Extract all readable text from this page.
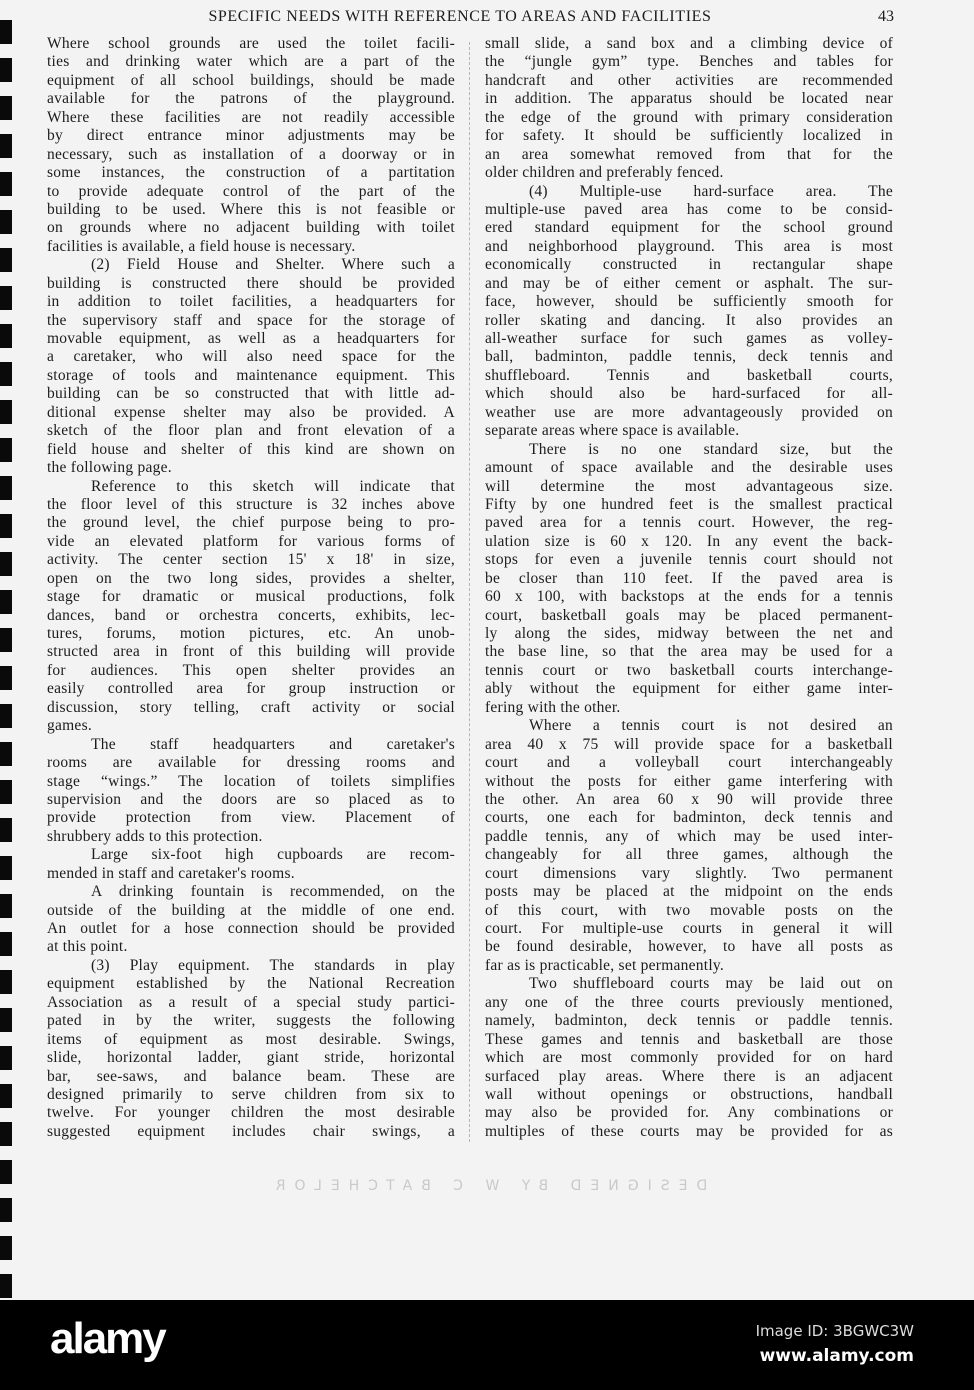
SPECIFIC NEEDS WITH REFERENCE TO AREAS AND FACILITIES	43
Where school grounds are used the toilet facili-
ties and drinking water which are a part of the
equipment of all school buildings, should be made
available for the patrons of the playground.
Where these facilities are not readily accessible
by direct entrance minor adjustments may be
necessary, such as installation of a doorway or in
some instances, the construction of a partitation
to provide adequate control of the part of the
building to be used. Where this is not feasible or
on grounds where no adjacent building with toilet
facilities is available, a field house is necessary.
(2) Field House and Shelter. Where such a
building is constructed there should be provided
in addition to toilet facilities, a headquarters for
the supervisory staff and space for the storage of
movable equipment, as well as a headquarters for
a caretaker, who will also need space for the
storage of tools and maintenance equipment. This
building can be so constructed that with little ad-
ditional expense shelter may also be provided. A
sketch of the floor plan and front elevation of a
field house and shelter of this kind are shown on
the following page.
Reference to this sketch will indicate that
the floor level of this structure is 32 inches above
the ground level, the chief purpose being to pro-
vide an elevated platform for various forms of
activity. The center section 15' x 18' in size,
open on the two long sides, provides a shelter,
stage for dramatic or musical productions, folk
dances, band or orchestra concerts, exhibits, lec-
tures, forums, motion pictures, etc. An unob-
structed area in front of this building will provide
for audiences. This open shelter provides an
easily controlled area for group instruction or
discussion, story telling, craft activity or social
games.
The staff headquarters and caretaker's
rooms are available for dressing rooms and
stage “wings.” The location of toilets simplifies
supervision and the doors are so placed as to
provide protection from view. Placement of
shrubbery adds to this protection.
Large six-foot high cupboards are recom-
mended in staff and caretaker's rooms.
A drinking fountain is recommended, on the
outside of the building at the middle of one end.
An outlet for a hose connection should be provided
at this point.
(3) Play equipment. The standards in play
equipment established by the National Recreation
Association as a result of a special study partici-
pated in by the writer, suggests the following
items of equipment as most desirable. Swings,
slide, horizontal ladder, giant stride, horizontal
bar, see-saws, and balance beam. These are
designed primarily to serve children from six to
twelve. For younger children the most desirable
suggested equipment includes chair swings, a
small slide, a sand box and a climbing device of
the “jungle gym” type. Benches and tables for
handcraft and other activities are recommended
in addition. The apparatus should be located near
the edge of the ground with primary consideration
for safety. It should be sufficiently localized in
an area somewhat removed from that for the
older children and preferably fenced.
(4) Multiple-use hard-surface area. The
multiple-use paved area has come to be consid-
ered standard equipment for the school ground
and neighborhood playground. This area is most
economically constructed in rectangular shape
and may be of either cement or asphalt. The sur-
face, however, should be sufficiently smooth for
roller skating and dancing. It also provides an
all-weather surface for such games as volley-
ball, badminton, paddle tennis, deck tennis and
shuffleboard. Tennis and basketball courts,
which should also be hard-surfaced for all-
weather use are more advantageously provided on
separate areas where space is available.
There is no one standard size, but the
amount of space available and the desirable uses
will determine the most advantageous size.
Fifty by one hundred feet is the smallest practical
paved area for a tennis court. However, the reg-
ulation size is 60 x 120. In any event the back-
stops for even a juvenile tennis court should not
be closer than 110 feet. If the paved area is
60 x 100, with backstops at the ends for a tennis
court, basketball goals may be placed permanent-
ly along the sides, midway between the net and
the base line, so that the area may be used for a
tennis court or two basketball courts interchange-
ably without the equipment for either game inter-
fering with the other.
Where a tennis court is not desired an
area 40 x 75 will provide space for a basketball
court and a volleyball court interchangeably
without the posts for either game interfering with
the other. An area 60 x 90 will provide three
courts, one each for badminton, deck tennis and
paddle tennis, any of which may be used inter-
changeably for all three games, although the
court dimensions vary slightly. Two permanent
posts may be placed at the midpoint on the ends
of this court, with two movable posts on the
court. For multiple-use courts in general it will
be found desirable, however, to have all posts as
far as is practicable, set permanently.
Two shuffleboard courts may be laid out on
any one of the three courts previously mentioned,
namely, badminton, deck tennis or paddle tennis.
These games and tennis and basketball are those
which are most commonly provided for on hard
surfaced play areas. Where there is an adjacent
wall without openings or obstructions, handball
may also be provided for. Any combinations or
multiples of these courts may be provided for as
DESIGNED BY W C BATCHELOR
alamy	Image ID: 3BGWC3W
www.alamy.com
